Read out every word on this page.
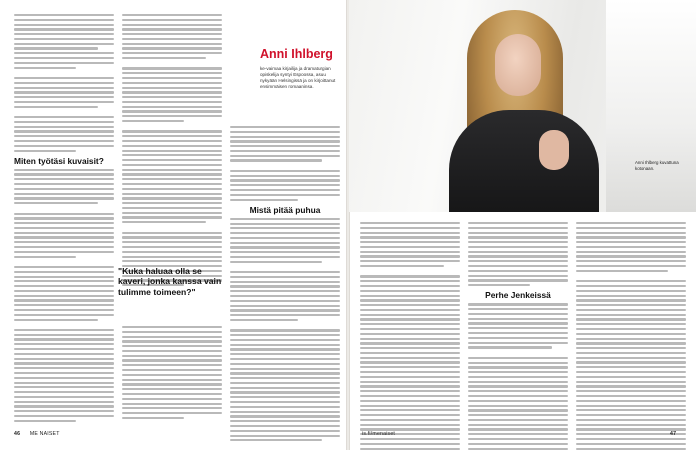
Miten työtäsi kuvaisit?
"Kuka haluaa olla se kaveri, jonka kanssa vain tulimme toimeen?"
Mistä pitää puhua
Anni Ihlberg
ke-vaimaa kirjailija ja dramaturgian opiskelija syntyi Espoossa, asuu nykyään Helsingissä ja on kirjoittanut ensimmäisen romaaninsa.
Anni Ihlberg kuvattuna kotonaan.
Perhe Jenkeissä
46 ME NAISET	is.fi/menaiset	47
